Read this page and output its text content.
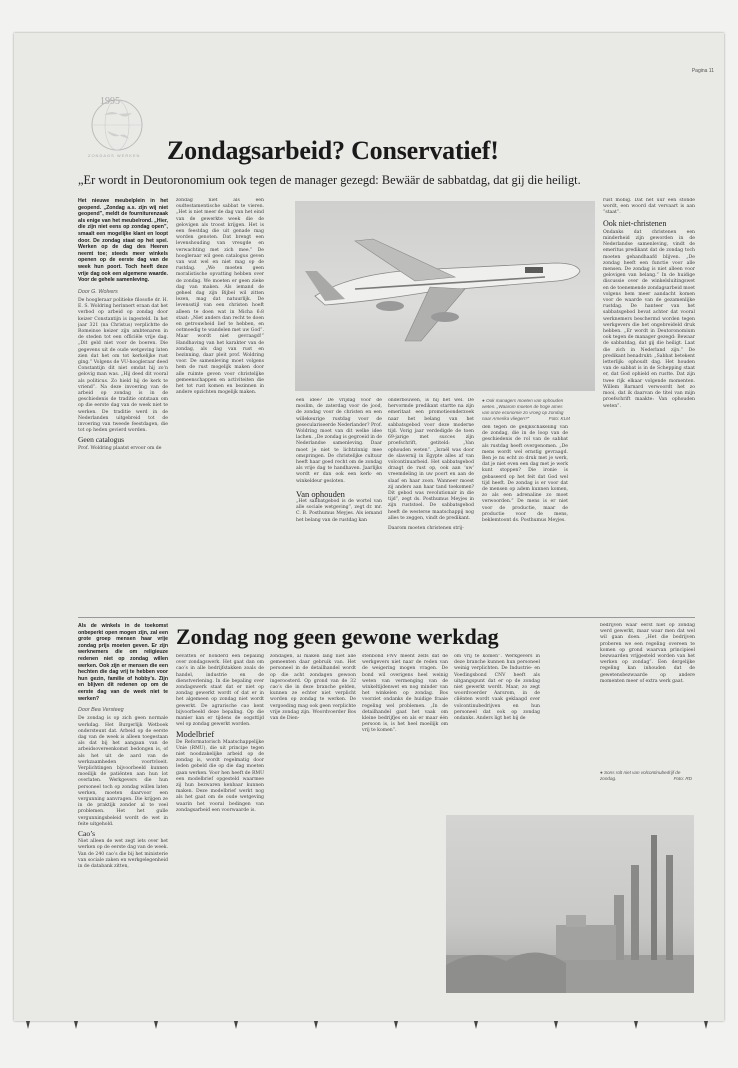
Pagina 11
1995
ZONDAGS WERKEN Zondagsarbeid? Conservatief!
„Er wordt in Deutoronomium ook tegen de manager gezegd: Bewäär de sabbatdag, dat gij die heiligt.

Het nieuwe meubelplein in het geopend. „Zondag a.s. zijn wij niet geopend”, meldt de fourniturenzaak als enige van het meubelrond. „Hier, die zijn niet eens op zondag open”, smaalt een mogelijke klant en loopt door. De zondag staat op het spel. Werken op de dag des Heeren neemt toe; steeds meer winkels openen op de eerste dag van de week hun poort. Toch heeft deze vrije dag ook een algemene waarde. Voor de gehele samenleving.

Door G. Wolvers

De hoogleraar politieke filosofie dr. H. E. S. Woldring herinnert eraan dat het verbod op arbeid op zondag door keizer Constantijn is ingesteld. In het jaar 321 (na Christus) verplichtte de Romeinse keizer zijn ambtenaren in de steden tot een officiële vrije dag. „Dit geld niet voor de boeren. Die gegevens uit de oude wetgeving laten zien dat het om tot kerkelijke rust ging.” Volgens de VU-hoogleraar deed Constantijn dit niet omdat hij zo’n gelovig man was. „Hij deed dit vooral als politicus. Zo hield hij de kerk te vriend”. Na deze invoering van de arbeid op zondag is in de geschiedenis de traditie ontstaan om op die eerste dag van de week niet te werken. De traditie werd in de Nederlanden uitgebreid tot de invoering van tweede feestdagen, die tot op heden gevierd worden.

Geen catalogus

Prof. Woldring plaatst ervoor om de

zondag niet als een oudtestamentische sabbat te vieren. „Het is niet meer de dag van het eind van de gewerkte week die de gelovigen als troost krijgen. Het is een feestdag die uit genade mag worden genoten. Dat brengt een levenshouding van vreugde en verwachting met zich mee.” De hoogleraar wil geen catalogus geven van wat wel en niet mag op de rustdag. „We moeten geen moralistische opvatting hebben over de zondag. We moeten er geen zieke dag van maken. Als iemand de geheel dag zijn Bijbel wil zitten lezen, mag dat natuurlijk. De levensstijl van een christen hoeft alleen te doen wat in Micha 6:8 staat: „Niet anders dan recht te doen en getrouwheid lief te hebben, en ootmoedig te wandelen met uw God”. Maar wordt niet gevraagd!” Handhaving van het karakter van de zondag, als dag van rust en bezinning, daar pleit prof. Woldring voor. De samenleving moet volgens hem de rust mogelijk maken door alle ruimte geven voor christelijke gemeenschappen en activiteiten die het tot rust komen en bezinnen in andere opzichten mogelijk maken.

een idee? De vrijdag voor de moslim, de zaterdag voor de jood, de zondag voor de christen en een willekeurige rustdag voor de geseculariseerde Nederlander? Prof. Woldring moet van dit welke idee lachen. „De zondag is gegroeid in de Nederlandse samenleving. Daar moet je niet te lichtzinnig mee omspringen. De christelijke cultuur heeft haar goed recht om de zondag als vrije dag te handhaven. Jaarlijks wordt er dan ook een kerk- en winkeldeur gesloten.

Van ophouden

„Het sabbatgebod is de wortel van alle sociale wetgeving”, zegt dr. mr. C. B. Posthumus Meyjes. Als iemand het belang van de rustdag kan

onderbouwen, is hij het wel. De hervormde predikant startte na zijn emeritaat een promotieonderzoek naar het belang van het sabbatsgebod voor deze moderne tijd. Vorig jaar verdedigde de toen 69-jarige met succes zijn proefschrift, getiteld: „Van ophouden weten”. „Israël was door de slavernij in Egypte alles af van volcontinuarbeid. Het sabbatsgebod draagt de rust op, ook aan ‘uw’ vreemdeling in uw poort en aan de slaaf en haar zoon. Wanneer moest zij anders aan haar tand toekomen? Dit gebod was revolutionair in die tijd”, zegt ds. Posthumus Meyjes in zijn ruststoel. De sabbatsgebod heeft de westerse maatschappij nog alles te zeggen, vindt de predikant.

Daarom moeten christenen strij-

● Ook managers moeten van ophouden weten. „Waarom moeten de hoge ames van onze economie zo vroeg op zondag naar Amerika vliegen?”	Foto: KLM

den tegen de gelijkschakeling van de zondag, die in de loop van de geschiedenis de rol van de sabbat als rustdag heeft overgenomen. „De mens wordt wel ernstig gevraagd. Ben je nu echt zo druk met je werk, dat je niet even een dag met je werk kunt stoppen? Die ironie is gebaseerd op het feit dat God wel tijd heeft. De zondag is er voor dat de mensen op adem kunnen komen, zo als een adrenaline zo moet verwoorden.” De mens is er niet voor de productie, maar de productie voor de mens, beklemtoont ds. Posthumus Meyjes.

rust mobig. Dat het uur een stonde wordt, een woord dat vervaart is aan “staat”.

Ook niet-christenen

Ondanks dat christenen een minderheid zijn geworden in de Nederlandse samenleving, vindt de emeritus predikant dat de zondag toch moeten gehandhaafd blijven. „De zondag heeft een functie voor alle mensen. De zondag is niet alleen voor gelovigen van belang.” In de huidige discussie over de winkelsluitingswet en de toenemende zondagsarbeid moet volgens hem meer aandacht komen voor de waarde van de gezamenlijke rustdag. De hanteer van het sabbatsgebod bevat achter dat vooral werknemers beschermd worden tegen werkgevers die het ongebreideld druk hebben. „Er wordt in Deutoronomium ook tegen de manager gezegd: Bewaar de sabbatdag, dat gij die heiligt. Laat die zich in Nederland zijn.” De predikant benadrukt: „Sabbat betekent letterlijk: ophoudt dag. Het houden van de sabbat is in de Schepping staat er, dat God ophield en rustte. Dat zijn twee rijk elkaar volgende momenten. Willem Barnard verwoordt het zo mooi, dat ik daarvan de titel van mijn proefschrift maakte: Van ophouden weten”.

Zondag nog geen gewone werkdag

Als de winkels in de toekomst onbeperkt open mogen zijn, zal een grote groep mensen haar vrije zondag prijs moeten geven. Er zijn werknemers die om religieuze redenen niet op zondag willen werken. Ook zijn er mensen die een hechten die dag vrij te hebben voor hun gezin, familie of hobby’s. Zijn en blijven dit redenen op om de eerste dag van de week niet te werken?

Door Bea Versteeg

De zondag is op zich geen normale werkdag. Het Burgerlijk Wetboek ondersteunt dat. Arbeid op de eerste dag van de week is alleen toegestaan als dat bij het aangaan van de arbeidsovereenkomst bedongen is, of als het uit de aard van de werkzaamheden voortvloeit. Verplichtingen bijvoorbeeld kunnen moeilijk de patiënten aan hun lot overlaten. Werkgevers die hun personeel toch op zondag willen laten werken, moeten daarvoor een vergunning aanvragen. Die krijgen ze in de praktijk zonder al te veel problemen. Het het gulle vergunningsbeleid wordt de wet in feite uitgehold.

Cao’s

Niet alleen de wet zegt iets over het werken op de eerste dag van de week. Van de 240 cao’s die bij het ministerie van sociale zaken en werkgelegenheid in de databank zitten,

bevatten er honderd een bepaling over zondagswerk. Het gaat dan om cao’s in alle bedrijfstakken zoals de handel, industrie en de dienstverlening. In die bepaling over zondagswerk staat dat er niet op zondag gewerkt wordt of dat er in het algemeen op zondag niet wordt gewerkt. De agrarische cao kent bijvoorbeeld deze bepaling. Op die manier kan er tijdens de oogsttijd wel op zondag gewerkt worden.

Modelbrief

De Reformatorisch Maatschappelijke Unie (RMU), die uit principe tegen niet noodzakelijke arbeid op de zondag is, wordt regelmatig door leden gebeld die op die dag moeten gaan werken. Voor hen heeft de RMU een modelbrief opgesteld waarmee zij hun bezwaren kenbaar kunnen maken. Deze modelbrief werkt nog als het gaat om de oude wetgeving waarin het vooral bedingen van zondagsarbeid een voorwaarde is.

zondagen, al maken lang niet alle gemeenten daar gebruik van. Het personeel in de detailhandel wordt op die acht zondagen gewoon ingeroosterd. Op grond van de 32 cao’s die in deze branche gelden, kunnen ze echter niet verplicht worden op zondag te werken. De vergoeding mag ook geen verplichte vrije zondag zijn. Woordvoerder Bos van de Dien-

stenbond FNV meent zelfs dat de werkgevers niet naar de reden van de weigering mogen vragen. De bond wil overigens heel weinig weten van vermenging van de winkeltijdenwet en nog minder van het winkelen op zondag. Bos voorziet ondanks de huidige fraaie regeling wel problemen. „In de detailhandel gaat het vaak om kleine bedrijfjes en als er maar één persoon is, is het heel moeilijk om vrij te komen”.

om vrij te komen”. Werkgevers in deze branche kunnen hun personeel weinig verplichten. De Industrie- en Voedingsbond CNV heeft als uitgangspunt dat er op de zondag niet gewerkt wordt. Maar, zo zegt woordvoerder Aarsrom, in de cliënten wordt vaak geklaagd over volcontinubedrijven en hun personeel dat ook op zondag ondanks. Anders ligt het bij de

bedrijven waar eerst niet op zondag werd gewerkt, maar waar men dat wel wil gaan doen. „Het die bedrijven proberen we een regeling overeen te komen op grond waarvan principieel bezwaarden vrijgesteld worden van het werken op zondag”. Een dergelijke regeling kan inhouden dat de gewetensbezwaarde op andere momenten meer of extra werk gaat.

● Sons rolt niet van volcontinubedrijf de zondag.	Foto: RD
